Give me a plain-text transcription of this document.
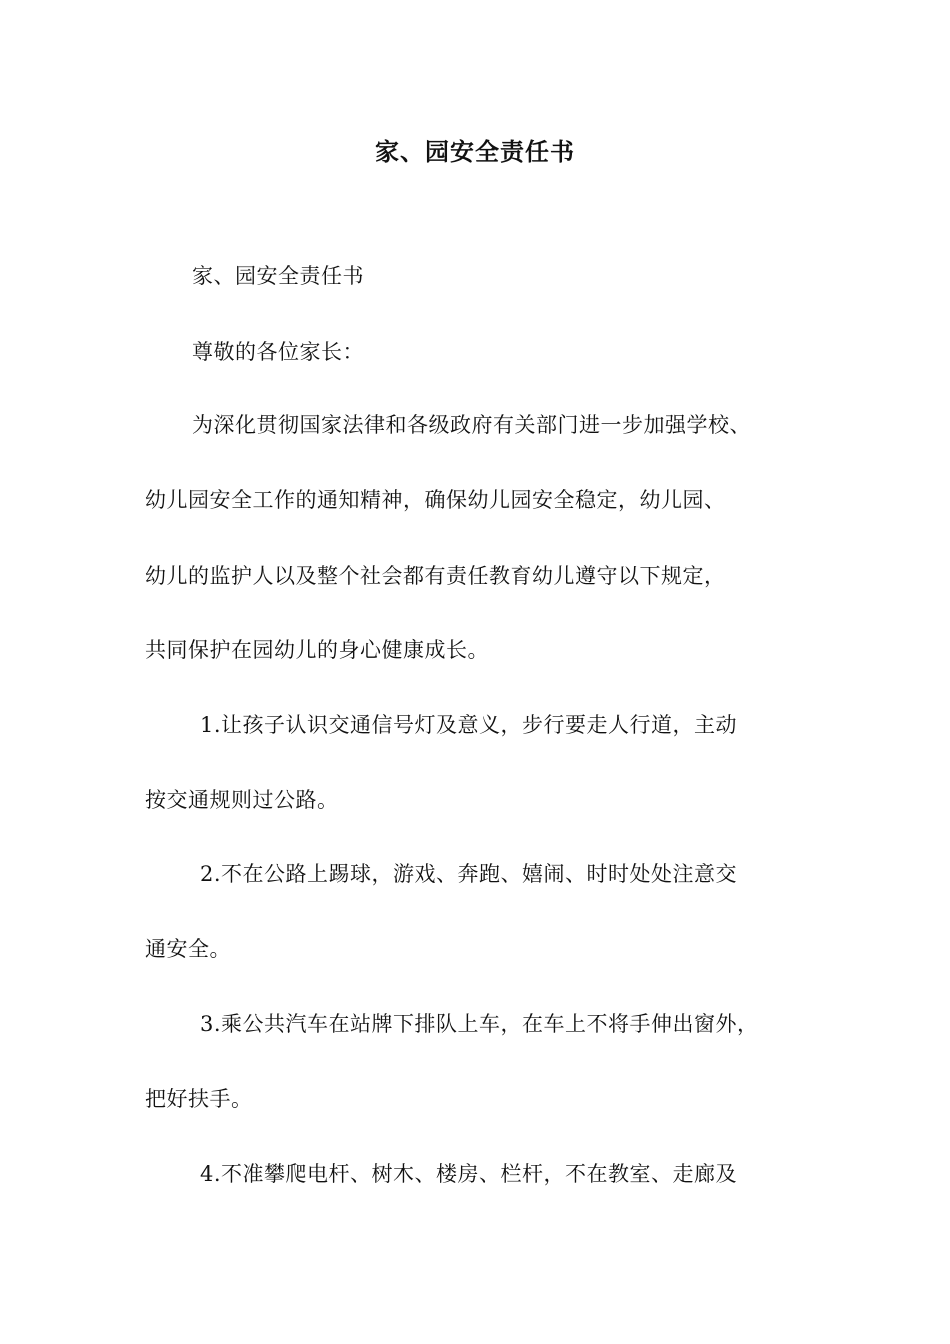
家、园安全责任书
家、园安全责任书
尊敬的各位家长：
为深化贯彻国家法律和各级政府有关部门进一步加强学校、
幼儿园安全工作的通知精神，确保幼儿园安全稳定，幼儿园、
幼儿的监护人以及整个社会都有责任教育幼儿遵守以下规定，
共同保护在园幼儿的身心健康成长。
1.让孩子认识交通信号灯及意义，步行要走人行道，主动
按交通规则过公路。
2.不在公路上踢球，游戏、奔跑、嬉闹、时时处处注意交
通安全。
3.乘公共汽车在站牌下排队上车，在车上不将手伸出窗外，
把好扶手。
4.不准攀爬电杆、树木、楼房、栏杆，不在教室、走廊及
